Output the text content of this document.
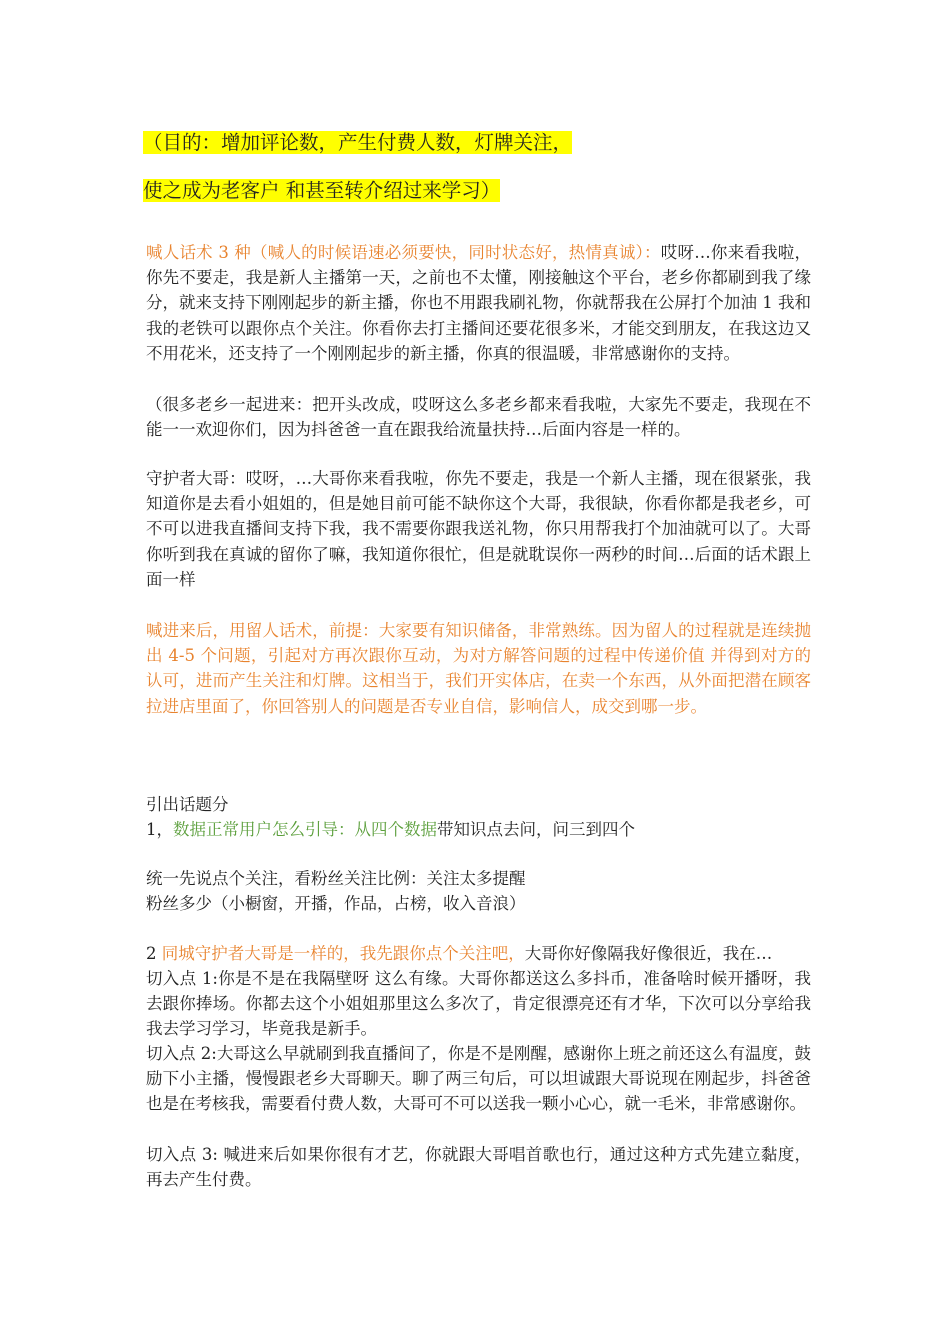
（目的：增加评论数，产生付费人数，灯牌关注，
使之成为老客户 和甚至转介绍过来学习）

喊人话术 3 种（喊人的时候语速必须要快，同时状态好，热情真诚）：哎呀…你来看我啦，你先不要走，我是新人主播第一天，之前也不太懂，刚接触这个平台，老乡你都刷到我了缘分，就来支持下刚刚起步的新主播，你也不用跟我刷礼物，你就帮我在公屏打个加油 1 我和我的老铁可以跟你点个关注。你看你去打主播间还要花很多米，才能交到朋友，在我这边又不用花米，还支持了一个刚刚起步的新主播，你真的很温暖，非常感谢你的支持。

（很多老乡一起进来：把开头改成，哎呀这么多老乡都来看我啦，大家先不要走，我现在不能一一欢迎你们，因为抖爸爸一直在跟我给流量扶持…后面内容是一样的。

守护者大哥：哎呀，…大哥你来看我啦，你先不要走，我是一个新人主播，现在很紧张，我知道你是去看小姐姐的，但是她目前可能不缺你这个大哥，我很缺，你看你都是我老乡，可不可以进我直播间支持下我，我不需要你跟我送礼物，你只用帮我打个加油就可以了。大哥你听到我在真诚的留你了嘛，我知道你很忙，但是就耽误你一两秒的时间…后面的话术跟上面一样

喊进来后，用留人话术，前提：大家要有知识储备，非常熟练。因为留人的过程就是连续抛出 4-5 个问题，引起对方再次跟你互动，为对方解答问题的过程中传递价值 并得到对方的认可，进而产生关注和灯牌。这相当于，我们开实体店，在卖一个东西，从外面把潜在顾客拉进店里面了，你回答别人的问题是否专业自信，影响信人，成交到哪一步。

引出话题分

1，数据正常用户怎么引导：从四个数据带知识点去问，问三到四个

统一先说点个关注，看粉丝关注比例：关注太多提醒

粉丝多少（小橱窗，开播，作品，占榜，收入音浪）

2 同城守护者大哥是一样的，我先跟你点个关注吧，大哥你好像隔我好像很近，我在…

切入点 1:你是不是在我隔壁呀 这么有缘。大哥你都送这么多抖币，准备啥时候开播呀，我去跟你捧场。你都去这个小姐姐那里这么多次了，肯定很漂亮还有才华，下次可以分享给我 我去学习学习，毕竟我是新手。

切入点 2:大哥这么早就刷到我直播间了，你是不是刚醒，感谢你上班之前还这么有温度，鼓励下小主播，慢慢跟老乡大哥聊天。聊了两三句后，可以坦诚跟大哥说现在刚起步，抖爸爸也是在考核我，需要看付费人数，大哥可不可以送我一颗小心心，就一毛米，非常感谢你。

切入点 3: 喊进来后如果你很有才艺，你就跟大哥唱首歌也行，通过这种方式先建立黏度，再去产生付费。
